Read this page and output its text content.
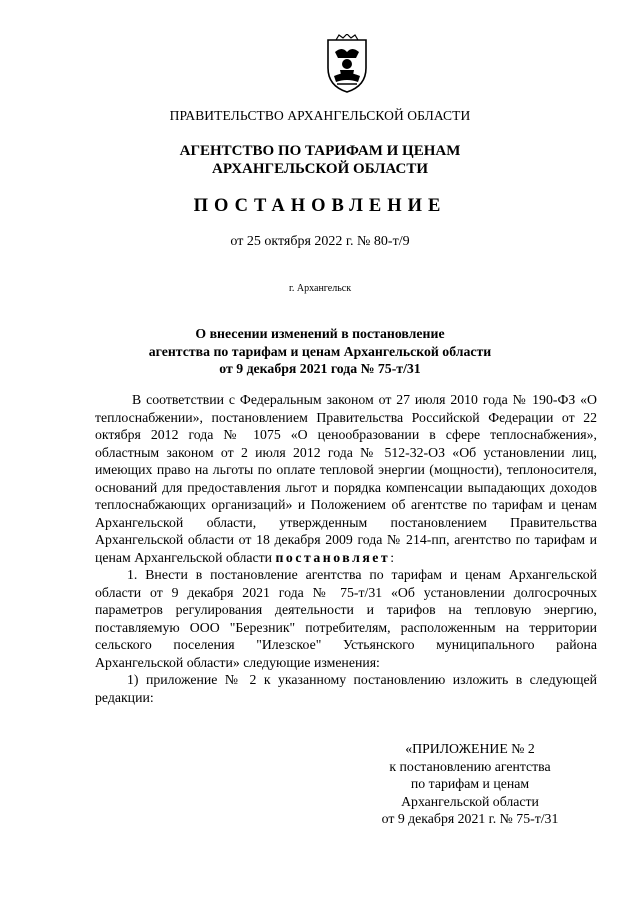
ПРАВИТЕЛЬСТВО АРХАНГЕЛЬСКОЙ ОБЛАСТИ
АГЕНТСТВО ПО ТАРИФАМ И ЦЕНАМ
АРХАНГЕЛЬСКОЙ ОБЛАСТИ
ПОСТАНОВЛЕНИЕ
от 25 октября 2022 г. № 80-т/9
г. Архангельск
О внесении изменений в постановление
агентства по тарифам и ценам Архангельской области
от 9 декабря 2021 года № 75-т/31

В соответствии с Федеральным законом от 27 июля 2010 года № 190-ФЗ «О теплоснабжении», постановлением Правительства Российской Федерации от 22 октября 2012 года № 1075 «О ценообразовании в сфере теплоснабжения», областным законом от 2 июля 2012 года № 512-32-ОЗ «Об установлении лиц, имеющих право на льготы по оплате тепловой энергии (мощности), теплоносителя, оснований для предоставления льгот и порядка компенсации выпадающих доходов теплоснабжающих организаций» и Положением об агентстве по тарифам и ценам Архангельской области, утвержденным постановлением Правительства Архангельской области от 18 декабря 2009 года № 214-пп, агентство по тарифам и ценам Архангельской области постановляет:

1. Внести в постановление агентства по тарифам и ценам Архангельской области от 9 декабря 2021 года № 75-т/31 «Об установлении долгосрочных параметров регулирования деятельности и тарифов на тепловую энергию, поставляемую ООО "Березник" потребителям, расположенным на территории сельского поселения "Илезское" Устьянского муниципального района Архангельской области» следующие изменения:

1) приложение № 2 к указанному постановлению изложить в следующей редакции:

«ПРИЛОЖЕНИЕ № 2
к постановлению агентства
по тарифам и ценам
Архангельской области
от 9 декабря 2021 г. № 75-т/31
